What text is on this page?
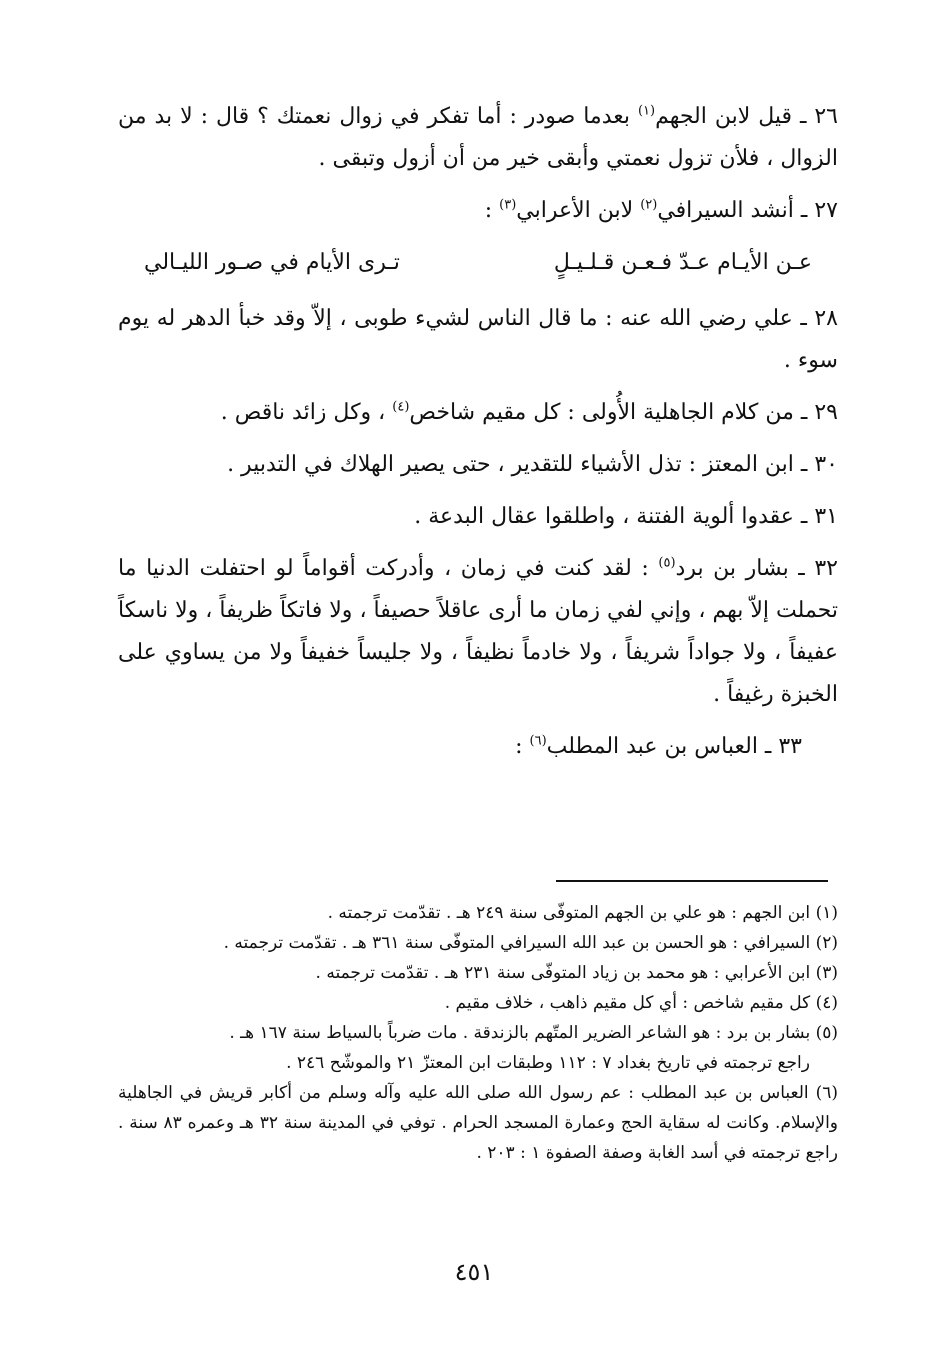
٢٦ ـ قيل لابن الجهم$^{(١)}$ بعدما صودر : أما تفكر في زوال نعمتك ؟ قال : لا بد من الزوال ، فلأن تزول نعمتي وأبقى خير من أن أزول وتبقى .

٢٧ ـ أنشد السيرافي$^{(٢)}$ لابن الأعرابي$^{(٣)}$ :

عـن الأيـام عـدّ فـعـن قـلـيـلٍ
تـرى الأيام في صـور الليـالي

٢٨ ـ علي رضي الله عنه : ما قال الناس لشيء طوبى ، إلاّ وقد خبأ الدهر له يوم سوء .

٢٩ ـ من كلام الجاهلية الأُولى : كل مقيم شاخص$^{(٤)}$ ، وكل زائد ناقص .

٣٠ ـ ابن المعتز : تذل الأشياء للتقدير ، حتى يصير الهلاك في التدبير .

٣١ ـ عقدوا ألوية الفتنة ، واطلقوا عقال البدعة .

٣٢ ـ بشار بن برد$^{(٥)}$ : لقد كنت في زمان ، وأدركت أقواماً لو احتفلت الدنيا ما تحملت إلاّ بهم ، وإني لفي زمان ما أرى عاقلاً حصيفاً ، ولا فاتكاً ظريفاً ، ولا ناسكاً عفيفاً ، ولا جواداً شريفاً ، ولا خادماً نظيفاً ، ولا جليساً خفيفاً ولا من يساوي على الخبزة رغيفاً .

٣٣ ـ العباس بن عبد المطلب$^{(٦)}$ :

(١) ابن الجهم : هو علي بن الجهم المتوفّى سنة ٢٤٩ هـ . تقدّمت ترجمته .

(٢) السيرافي : هو الحسن بن عبد الله السيرافي المتوفّى سنة ٣٦١ هـ . تقدّمت ترجمته .

(٣) ابن الأعرابي : هو محمد بن زياد المتوفّى سنة ٢٣١ هـ . تقدّمت ترجمته .

(٤) كل مقيم شاخص : أي كل مقيم ذاهب ، خلاف مقيم .

(٥) بشار بن برد : هو الشاعر الضرير المتّهم بالزندقة . مات ضرباً بالسياط سنة ١٦٧ هـ .
راجع ترجمته في تاريخ بغداد ٧ : ١١٢ وطبقات ابن المعتزّ ٢١ والموشّح ٢٤٦ .

(٦) العباس بن عبد المطلب : عم رسول الله صلى الله عليه وآله وسلم من أكابر قريش في الجاهلية والإسلام. وكانت له سقاية الحج وعمارة المسجد الحرام . توفي في المدينة سنة ٣٢ هـ وعمره ٨٣ سنة . راجع ترجمته في أسد الغابة وصفة الصفوة ١ : ٢٠٣ .

٤٥١
